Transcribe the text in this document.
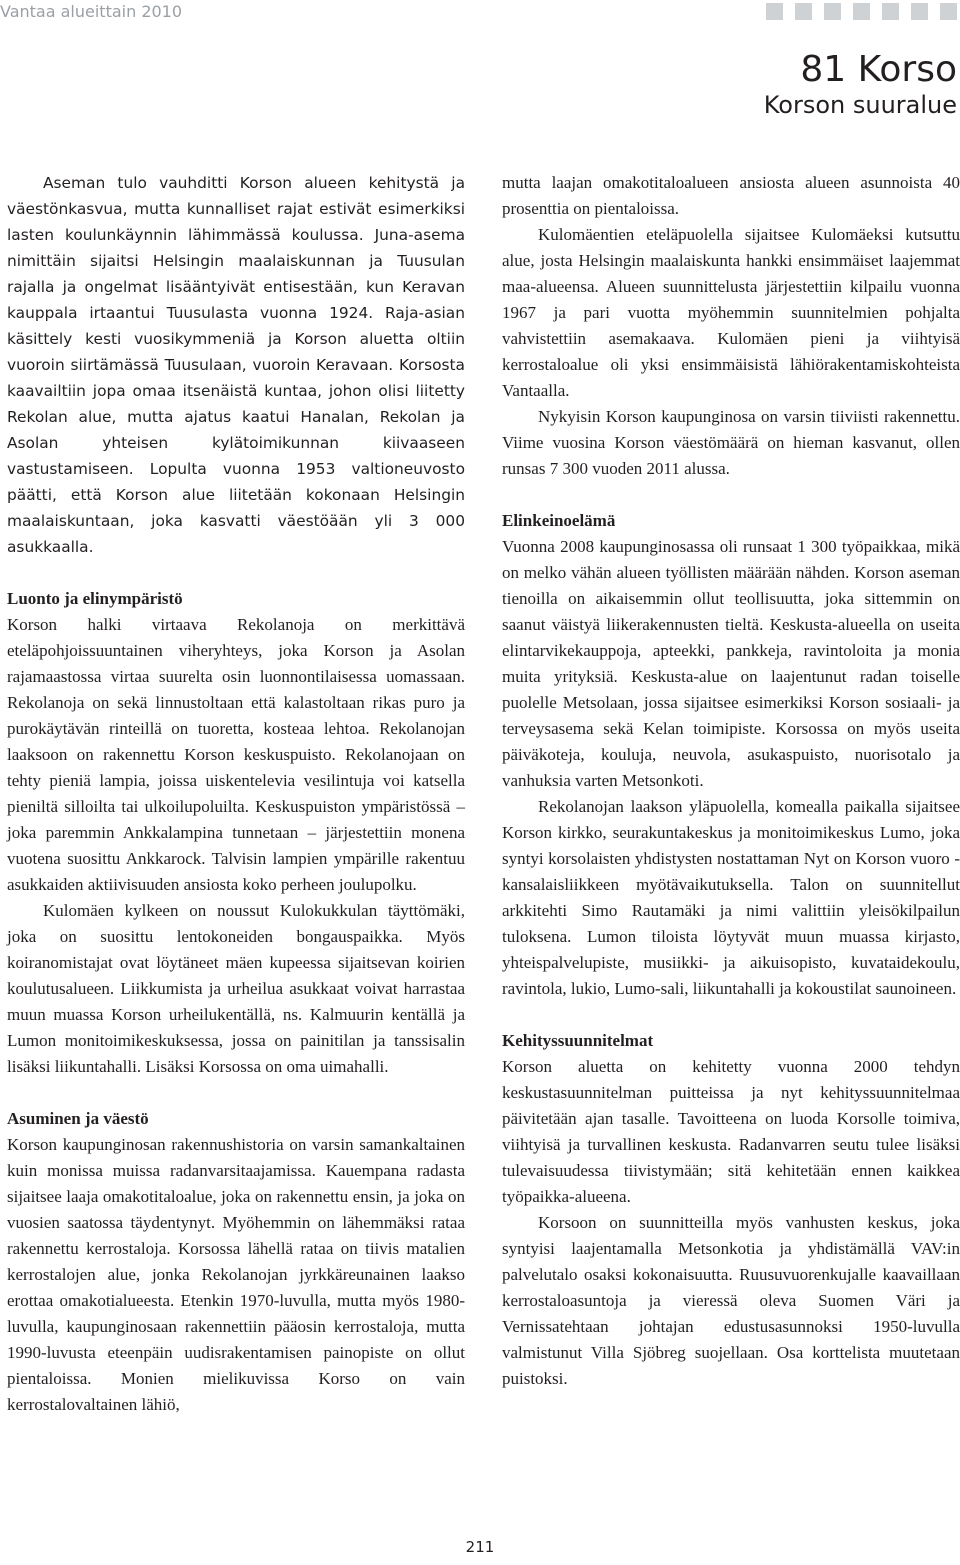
Vantaa alueittain 2010
81 Korso
Korson suuralue

Aseman tulo vauhditti Korson alueen kehitystä ja väestönkasvua, mutta kunnalliset rajat estivät esimerkiksi lasten koulunkäynnin lähimmässä koulussa. Juna-asema nimittäin sijaitsi Helsingin maalaiskunnan ja Tuusulan rajalla ja ongelmat lisääntyivät entisestään, kun Keravan kauppala irtaantui Tuusulasta vuonna 1924. Raja-asian käsittely kesti vuosikymmeniä ja Korson aluetta oltiin vuoroin siirtämässä Tuusulaan, vuoroin Keravaan. Korsosta kaavailtiin jopa omaa itsenäistä kuntaa, johon olisi liitetty Rekolan alue, mutta ajatus kaatui Hanalan, Rekolan ja Asolan yhteisen kylätoimikunnan kiivaaseen vastustamiseen. Lopulta vuonna 1953 valtioneuvosto päätti, että Korson alue liitetään kokonaan Helsingin maalaiskuntaan, joka kasvatti väestöään yli 3 000 asukkaalla.

Luonto ja elinympäristö

Korson halki virtaava Rekolanoja on merkittävä eteläpohjoissuuntainen viheryhteys, joka Korson ja Asolan rajamaastossa virtaa suurelta osin luonnontilaisessa uomassaan. Rekolanoja on sekä linnustoltaan että kalastoltaan rikas puro ja purokäytävän rinteillä on tuoretta, kosteaa lehtoa. Rekolanojan laaksoon on rakennettu Korson keskuspuisto. Rekolanojaan on tehty pieniä lampia, joissa uiskentelevia vesilintuja voi katsella pieniltä silloilta tai ulkoilupoluilta. Keskuspuiston ympäristössä – joka paremmin Ankkalampina tunnetaan – järjestettiin monena vuotena suosittu Ankkarock. Talvisin lampien ympärille rakentuu asukkaiden aktiivisuuden ansiosta koko perheen joulupolku.

Kulomäen kylkeen on noussut Kulokukkulan täyttömäki, joka on suosittu lentokoneiden bongauspaikka. Myös koiranomistajat ovat löytäneet mäen kupeessa sijaitsevan koirien koulutusalueen. Liikkumista ja urheilua asukkaat voivat harrastaa muun muassa Korson urheilukentällä, ns. Kalmuurin kentällä ja Lumon monitoimikeskuksessa, jossa on painitilan ja tanssisalin lisäksi liikuntahalli. Lisäksi Korsossa on oma uimahalli.

Asuminen ja väestö

Korson kaupunginosan rakennushistoria on varsin samankaltainen kuin monissa muissa radanvarsitaajamissa. Kauempana radasta sijaitsee laaja omakotitaloalue, joka on rakennettu ensin, ja joka on vuosien saatossa täydentynyt. Myöhemmin on lähemmäksi rataa rakennettu kerrostaloja. Korsossa lähellä rataa on tiivis matalien kerrostalojen alue, jonka Rekolanojan jyrkkäreunainen laakso erottaa omakotialueesta. Etenkin 1970-luvulla, mutta myös 1980-luvulla, kaupunginosaan rakennettiin pääosin kerrostaloja, mutta 1990-luvusta eteenpäin uudisrakentamisen painopiste on ollut pientaloissa. Monien mielikuvissa Korso on vain kerrostalovaltainen lähiö,

mutta laajan omakotitaloalueen ansiosta alueen asunnoista 40 prosenttia on pientaloissa.

Kulomäentien eteläpuolella sijaitsee Kulomäeksi kutsuttu alue, josta Helsingin maalaiskunta hankki ensimmäiset laajemmat maa-alueensa. Alueen suunnittelusta järjestettiin kilpailu vuonna 1967 ja pari vuotta myöhemmin suunnitelmien pohjalta vahvistettiin asemakaava. Kulomäen pieni ja viihtyisä kerrostaloalue oli yksi ensimmäisistä lähiörakentamiskohteista Vantaalla.

Nykyisin Korson kaupunginosa on varsin tiiviisti rakennettu. Viime vuosina Korson väestömäärä on hieman kasvanut, ollen runsas 7 300 vuoden 2011 alussa.

Elinkeinoelämä

Vuonna 2008 kaupunginosassa oli runsaat 1 300 työpaikkaa, mikä on melko vähän alueen työllisten määrään nähden. Korson aseman tienoilla on aikaisemmin ollut teollisuutta, joka sittemmin on saanut väistyä liikerakennusten tieltä. Keskusta-alueella on useita elintarvikekauppoja, apteekki, pankkeja, ravintoloita ja monia muita yrityksiä. Keskusta-alue on laajentunut radan toiselle puolelle Metsolaan, jossa sijaitsee esimerkiksi Korson sosiaali- ja terveysasema sekä Kelan toimipiste. Korsossa on myös useita päiväkoteja, kouluja, neuvola, asukaspuisto, nuorisotalo ja vanhuksia varten Metsonkoti.

Rekolanojan laakson yläpuolella, komealla paikalla sijaitsee Korson kirkko, seurakuntakeskus ja monitoimikeskus Lumo, joka syntyi korsolaisten yhdistysten nostattaman Nyt on Korson vuoro -kansalaisliikkeen myötävaikutuksella. Talon on suunnitellut arkkitehti Simo Rautamäki ja nimi valittiin yleisökilpailun tuloksena. Lumon tiloista löytyvät muun muassa kirjasto, yhteispalvelupiste, musiikki- ja aikuisopisto, kuvataidekoulu, ravintola, lukio, Lumo-sali, liikuntahalli ja kokoustilat saunoineen.

Kehityssuunnitelmat

Korson aluetta on kehitetty vuonna 2000 tehdyn keskustasuunnitelman puitteissa ja nyt kehityssuunnitelmaa päivitetään ajan tasalle. Tavoitteena on luoda Korsolle toimiva, viihtyisä ja turvallinen keskusta. Radanvarren seutu tulee lisäksi tulevaisuudessa tiivistymään; sitä kehitetään ennen kaikkea työpaikka-alueena.

Korsoon on suunnitteilla myös vanhusten keskus, joka syntyisi laajentamalla Metsonkotia ja yhdistämällä VAV:in palvelutalo osaksi kokonaisuutta. Ruusuvuorenkujalle kaavaillaan kerrostaloasuntoja ja vieressä oleva Suomen Väri ja Vernissatehtaan johtajan edustusasunnoksi 1950-luvulla valmistunut Villa Sjöbreg suojellaan. Osa korttelista muutetaan puistoksi.

211
